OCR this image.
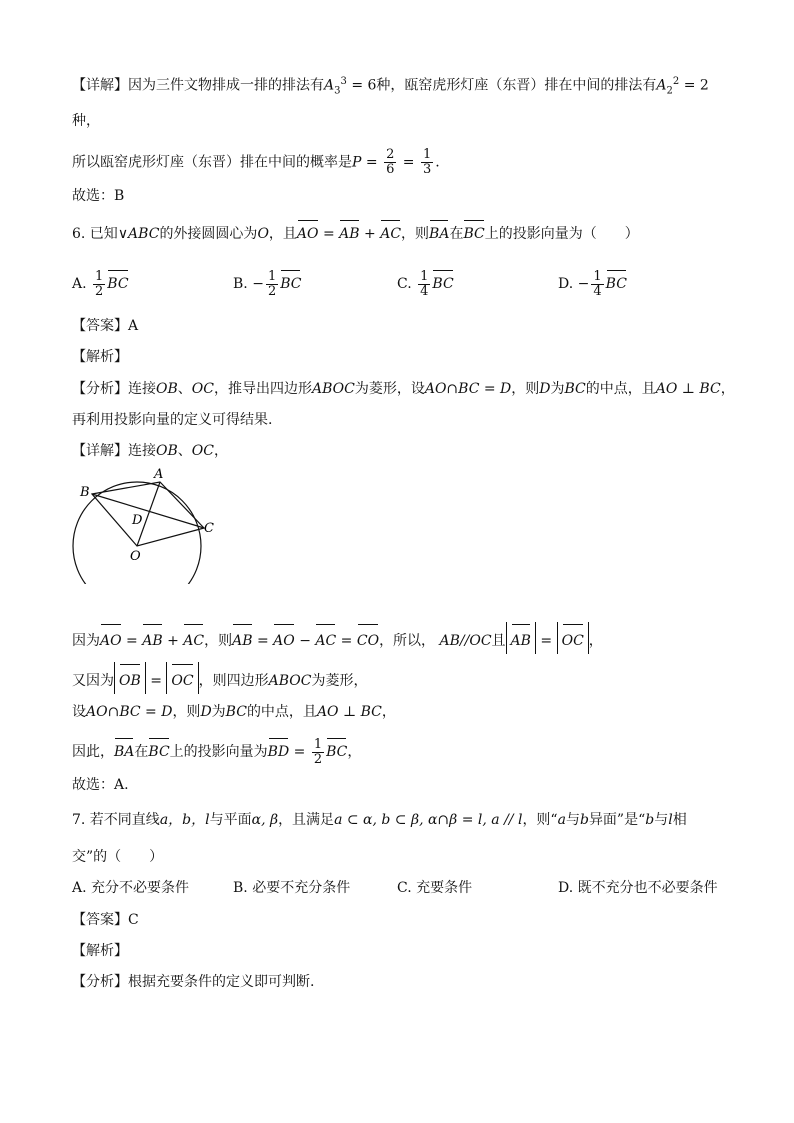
【详解】因为三件文物排成一排的排法有$A_3^3 = 6$种，瓯窑虎形灯座（东晋）排在中间的排法有$A_2^2 = 2$
种，
所以瓯窑虎形灯座（东晋）排在中间的概率是$P = \frac{2}{6} = \frac{1}{3}$ .
故选：B
6. 已知∨ABC的外接圆圆心为O，且AO = AB + AC，则BA在BC上的投影向量为（　　）
A. $\frac{1}{2}$ BC	B. − $\frac{1}{2}$ BC	C. $\frac{1}{4}$ BC	D. − $\frac{1}{4}$ BC
【答案】A
【解析】
【分析】连接OB、OC，推导出四边形ABOC为菱形，设AO∩BC = D，则D为BC的中点，且AO ⊥ BC，
再利用投影向量的定义可得结果.
【详解】连接OB、OC，
A
B
C
D
O
因为AO = AB + AC，则AB = AO − AC = CO，所以， AB//OC且 AB = OC ，
又因为 OB = OC ，则四边形ABOC为菱形，
设AO∩BC = D，则D为BC的中点，且AO ⊥ BC，
因此，BA在BC上的投影向量为BD = $\frac{1}{2}$ BC，
故选：A.
7. 若不同直线a，b，l与平面α, β，且满足a ⊂ α, b ⊂ β, α∩β = l, a // l，则“a与b异面”是“b与l相
交”的（　　）
A. 充分不必要条件	B. 必要不充分条件	C. 充要条件	D. 既不充分也不必要条件
【答案】C
【解析】
【分析】根据充要条件的定义即可判断.
